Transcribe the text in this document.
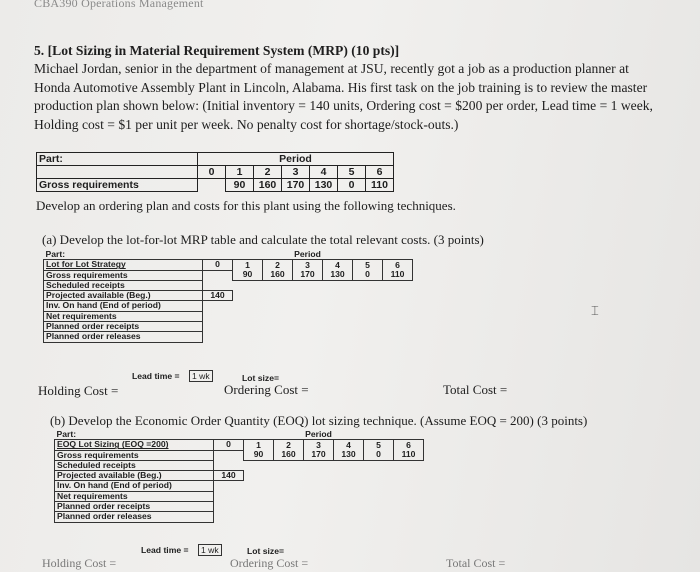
CBA390 Operations Management
5. [Lot Sizing in Material Requirement System (MRP) (10 pts)]
Michael Jordan, senior in the department of management at JSU, recently got a job as a production planner at Honda Automotive Assembly Plant in Lincoln, Alabama. His first task on the job training is to review the master production plan shown below: (Initial inventory = 140 units, Ordering cost = $200 per order, Lead time = 1 week, Holding cost = $1 per unit per week. No penalty cost for shortage/stock-outs.)
Part:	Period						
	0	1	2	3	4	5	6
Gross requirements		90	160	170	130	0	110
Develop an ordering plan and costs for this plant using the following techniques.
(a) Develop the lot-for-lot MRP table and calculate the total relevant costs. (3 points)
Part:	Period						
Lot for Lot Strategy	0	1	2	3	4	5	6
Gross requirements		90	160	170	130	0	110
Scheduled receipts							
Projected available (Beg.)	140						
Inv. On hand (End of period)							
Net requirements							
Planned order receipts							
Planned order releases							
Lead time =	1 wk	Lot size=
Holding Cost =	Ordering Cost =	Total Cost =
⌶
(b) Develop the Economic Order Quantity (EOQ) lot sizing technique. (Assume EOQ = 200) (3 points)
Part:	Period						
EOQ Lot Sizing (EOQ =200)	0	1	2	3	4	5	6
Gross requirements		90	160	170	130	0	110
Scheduled receipts							
Projected available (Beg.)	140						
Inv. On hand (End of period)							
Net requirements							
Planned order receipts							
Planned order releases							
Lead time =	1 wk	Lot size=
Holding Cost =	Ordering Cost =	Total Cost =
